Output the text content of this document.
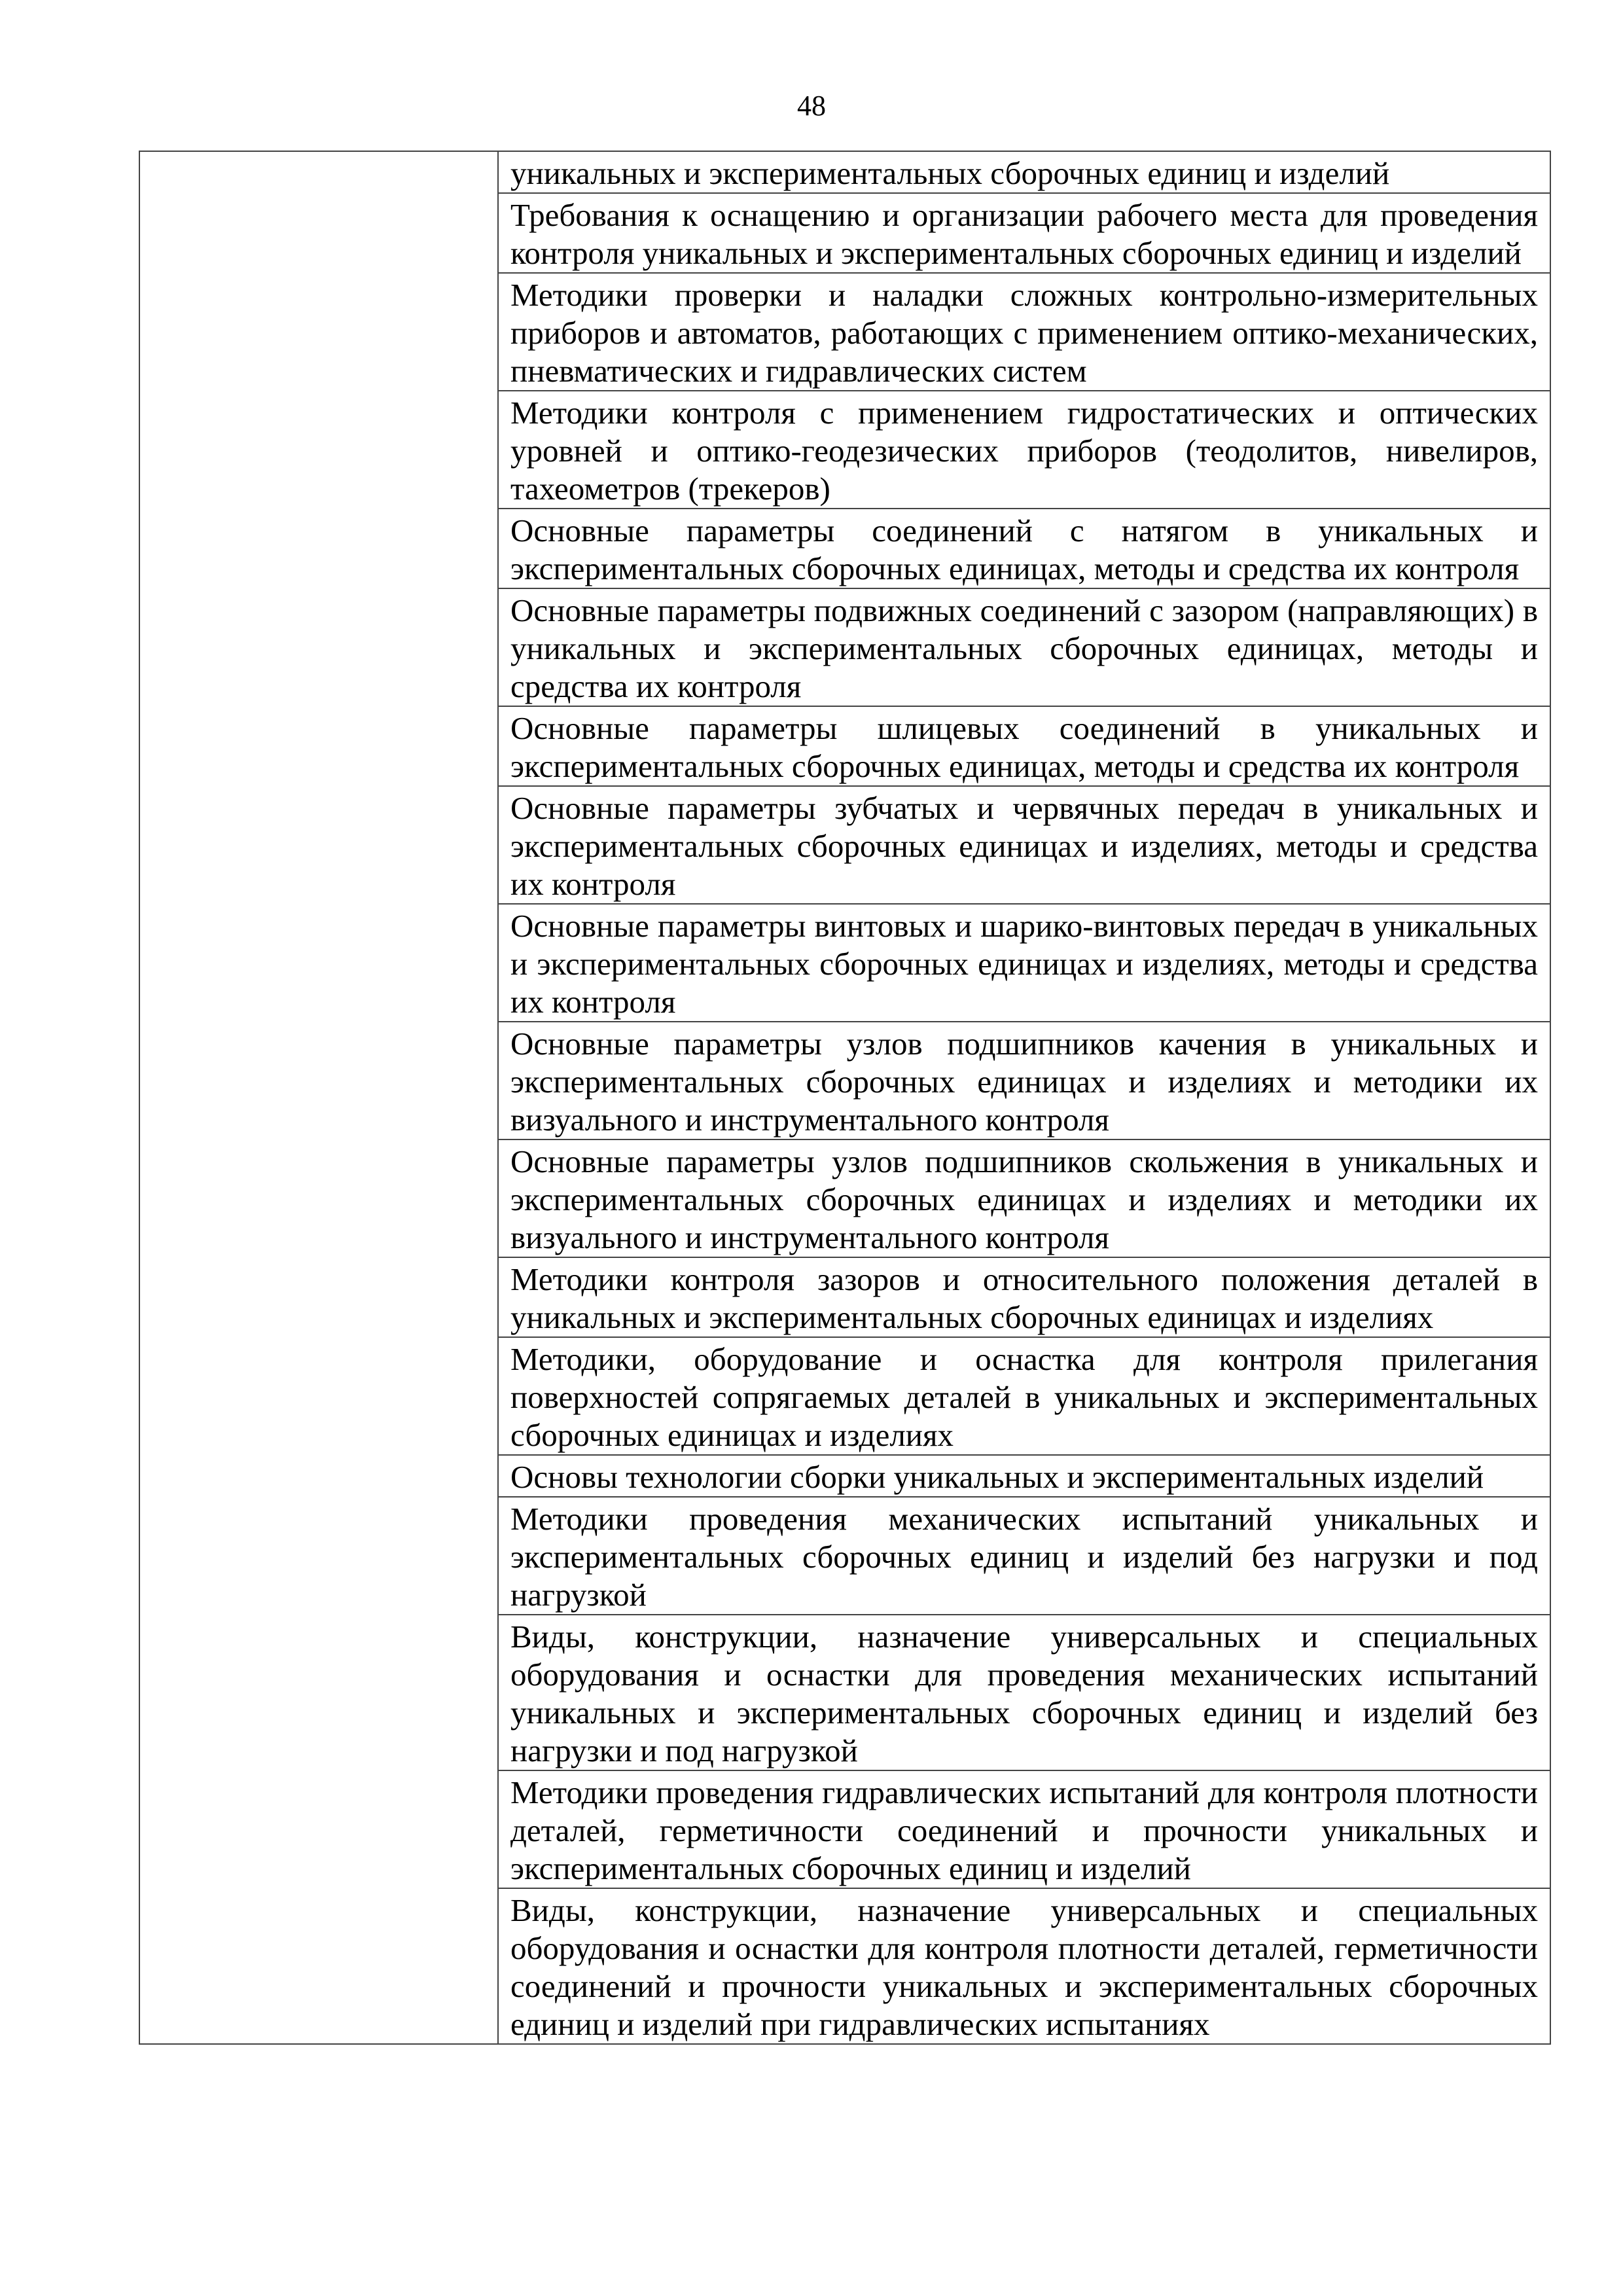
48

уникальных и экспериментальных сборочных единиц и изделий
Требования к оснащению и организации рабочего места для проведения контроля уникальных и экспериментальных сборочных единиц и изделий
Методики проверки и наладки сложных контрольно-измерительных приборов и автоматов, работающих с применением оптико-механических, пневматических и гидравлических систем
Методики контроля с применением гидростатических и оптических уровней и оптико-геодезических приборов (теодолитов, нивелиров, тахеометров (трекеров)
Основные параметры соединений с натягом в уникальных и экспериментальных сборочных единицах, методы и средства их контроля
Основные параметры подвижных соединений с зазором (направляющих) в уникальных и экспериментальных сборочных единицах, методы и средства их контроля
Основные параметры шлицевых соединений в уникальных и экспериментальных сборочных единицах, методы и средства их контроля
Основные параметры зубчатых и червячных передач в уникальных и экспериментальных сборочных единицах и изделиях, методы и средства их контроля
Основные параметры винтовых и шарико-винтовых передач в уникальных и экспериментальных сборочных единицах и изделиях, методы и средства их контроля
Основные параметры узлов подшипников качения в уникальных и экспериментальных сборочных единицах и изделиях и методики их визуального и инструментального контроля
Основные параметры узлов подшипников скольжения в уникальных и экспериментальных сборочных единицах и изделиях и методики их визуального и инструментального контроля
Методики контроля зазоров и относительного положения деталей в уникальных и экспериментальных сборочных единицах и изделиях
Методики, оборудование и оснастка для контроля прилегания поверхностей сопрягаемых деталей в уникальных и экспериментальных сборочных единицах и изделиях
Основы технологии сборки уникальных и экспериментальных изделий
Методики проведения механических испытаний уникальных и экспериментальных сборочных единиц и изделий без нагрузки и под нагрузкой
Виды, конструкции, назначение универсальных и специальных оборудования и оснастки для проведения механических испытаний уникальных и экспериментальных сборочных единиц и изделий без нагрузки и под нагрузкой
Методики проведения гидравлических испытаний для контроля плотности деталей, герметичности соединений и прочности уникальных и экспериментальных сборочных единиц и изделий
Виды, конструкции, назначение универсальных и специальных оборудования и оснастки для контроля плотности деталей, герметичности соединений и прочности уникальных и экспериментальных сборочных единиц и изделий при гидравлических испытаниях
